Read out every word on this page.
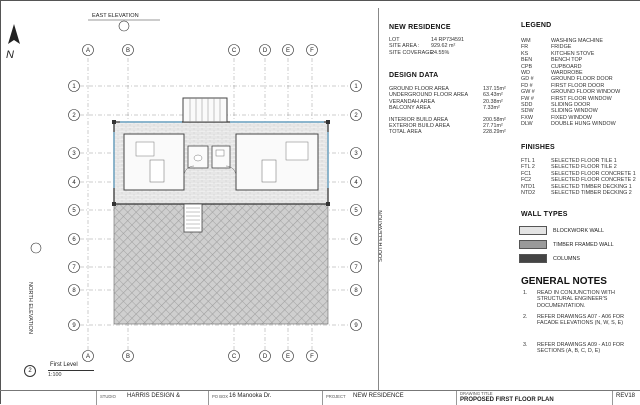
EAST ELEVATION
NORTH ELEVATION
SOUTH ELEVATION
N	A
A
B
B
C
C
D
D
E
E
F
F
1	1
2	2
3	3
4	4
5	5
6	6
7	7
8	8
9	9
2
First Level
1:100
NEW RESIDENCE
LOT	14 RP734591
SITE AREA : 929.62 m²
SITE COVERAGE:
24.55%
DESIGN DATA
GROUND FLOOR AREA	137.15m²
UNDERGROUND FLOOR AREA	63.43m²
VERANDAH AREA	20.38m²
BALCONY AREA	7.33m²
INTERIOR BUILD AREA	200.58m²
EXTERIOR BUILD AREA	27.71m²
TOTAL AREA	228.29m²
LEGEND
WM	WASHING MACHINE
FR	FRIDGE
KS	KITCHEN STOVE
BEN	BENCH TOP
CPB	CUPBOARD
WD	WARDROBE
GD #	GROUND FLOOR DOOR
FD #	FIRST FLOOR DOOR
GW #	GROUND FLOOR WINDOW
FW #	FIRST FLOOR WINDOW
SDD	SLIDING DOOR
SDW	SLIDING WINDOW
FXW	FIXED WINDOW
DLW	DOUBLE HUNG WINDOW
FINISHES
FTL 1	SELECTED FLOOR TILE 1
FTL 2	SELECTED FLOOR TILE 2
FC1	SELECTED FLOOR CONCRETE 1
FC2	SELECTED FLOOR CONCRETE 2
NTD1	SELECTED TIMBER DECKING 1
NTD2	SELECTED TIMBER DECKING 2
WALL TYPES
BLOCKWORK WALL
TIMBER FRAMED WALL
COLUMNS
GENERAL NOTES
1. READ IN CONJUNCTION WITH STRUCTURAL ENGINEER'S DOCUMENTATION.
2. REFER DRAWINGS A07 - A06 FOR FACADE ELEVATIONS (N, W, S, E)
3. REFER DRAWINGS A09 - A10 FOR SECTIONS (A, B, C, D, E)
STUDIO HARRIS DESIGN &	PO BOX 16 Manooka Dr.	PROJECT NEW RESIDENCE	DRAWING TITLE
PROPOSED FIRST FLOOR PLAN
REV18
